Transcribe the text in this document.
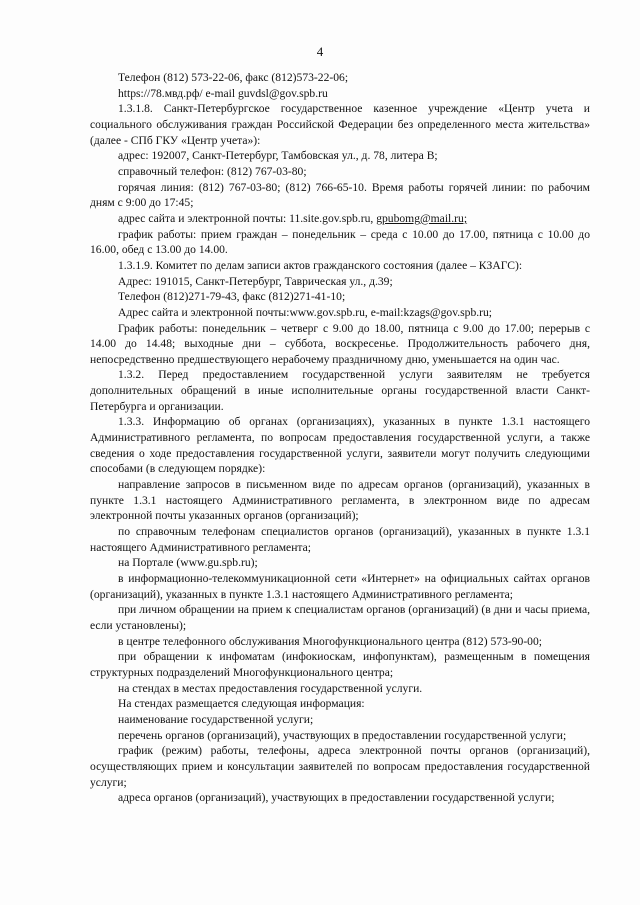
4

Телефон (812) 573-22-06, факс (812)573-22-06;

https://78.мвд.рф/ e-mail guvdsl@gov.spb.ru

1.3.1.8. Санкт-Петербургское государственное казенное учреждение «Центр учета и социального обслуживания граждан Российской Федерации без определенного места жительства» (далее - СПб ГКУ «Центр учета»):

адрес: 192007, Санкт-Петербург, Тамбовская ул., д. 78, литера В;

справочный телефон: (812) 767-03-80;

горячая линия: (812) 767-03-80; (812) 766-65-10. Время работы горячей линии: по рабочим дням с 9:00 до 17:45;

адрес сайта и электронной почты: 11.site.gov.spb.ru, gpubomg@mail.ru;

график работы: прием граждан – понедельник – среда с 10.00 до 17.00, пятница с 10.00 до 16.00, обед с 13.00 до 14.00.

1.3.1.9. Комитет по делам записи актов гражданского состояния (далее – КЗАГС):

Адрес: 191015, Санкт-Петербург, Таврическая ул., д.39;

Телефон (812)271-79-43, факс (812)271-41-10;

Адрес сайта и электронной почты:www.gov.spb.ru, e-mail:kzags@gov.spb.ru;

График работы: понедельник – четверг с 9.00 до 18.00, пятница с 9.00 до 17.00; перерыв с 14.00 до 14.48; выходные дни – суббота, воскресенье. Продолжительность рабочего дня, непосредственно предшествующего нерабочему праздничному дню, уменьшается на один час.

1.3.2. Перед предоставлением государственной услуги заявителям не требуется дополнительных обращений в иные исполнительные органы государственной власти Санкт-Петербурга и организации.

1.3.3. Информацию об органах (организациях), указанных в пункте 1.3.1 настоящего Административного регламента, по вопросам предоставления государственной услуги, а также сведения о ходе предоставления государственной услуги, заявители могут получить следующими способами (в следующем порядке):

направление запросов в письменном виде по адресам органов (организаций), указанных в пункте 1.3.1 настоящего Административного регламента, в электронном виде по адресам электронной почты указанных органов (организаций);

по справочным телефонам специалистов органов (организаций), указанных в пункте 1.3.1 настоящего Административного регламента;

на Портале (www.gu.spb.ru);

в информационно-телекоммуникационной сети «Интернет» на официальных сайтах органов (организаций), указанных в пункте 1.3.1 настоящего Административного регламента;

при личном обращении на прием к специалистам органов (организаций) (в дни и часы приема, если установлены);

в центре телефонного обслуживания Многофункционального центра (812) 573-90-00;

при обращении к инфоматам (инфокиоскам, инфопунктам), размещенным в помещения структурных подразделений Многофункционального центра;

на стендах в местах предоставления государственной услуги.

На стендах размещается следующая информация:

наименование государственной услуги;

перечень органов (организаций), участвующих в предоставлении государственной услуги;

график (режим) работы, телефоны, адреса электронной почты органов (организаций), осуществляющих прием и консультации заявителей по вопросам предоставления государственной услуги;

адреса органов (организаций), участвующих в предоставлении государственной услуги;
